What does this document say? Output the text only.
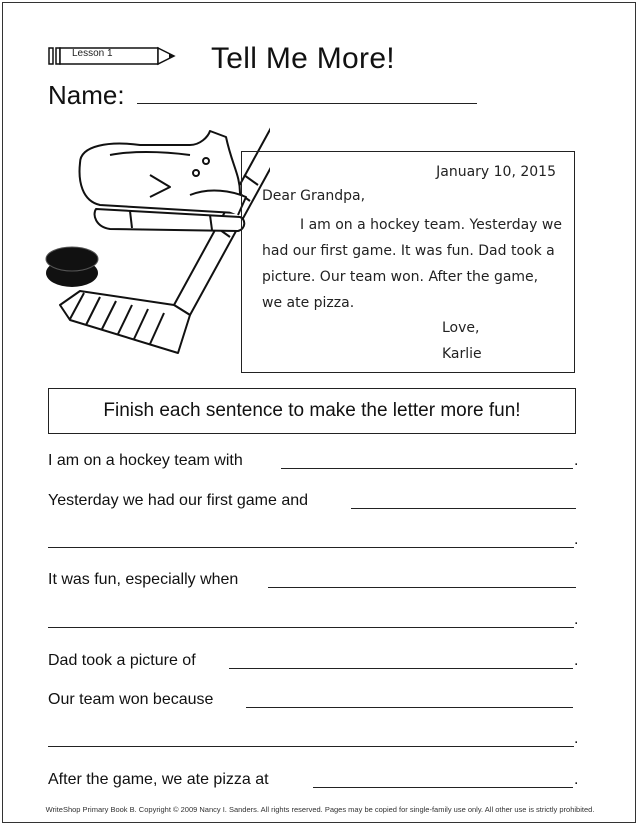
Lesson 1	Tell Me More!
Name:
January 10, 2015
Dear Grandpa,
I am on a hockey team. Yesterday we had our first game. It was fun. Dad took a picture. Our team won. After the game, we ate pizza.
Love,
Karlie
Finish each sentence to make the letter more fun!
I am on a hockey team with	.
Yesterday we had our first game and
.
It was fun, especially when
.
Dad took a picture of	.
Our team won because
.
After the game, we ate pizza at	.
WriteShop Primary Book B. Copyright © 2009 Nancy I. Sanders. All rights reserved. Pages may be copied for single-family use only. All other use is strictly prohibited.
